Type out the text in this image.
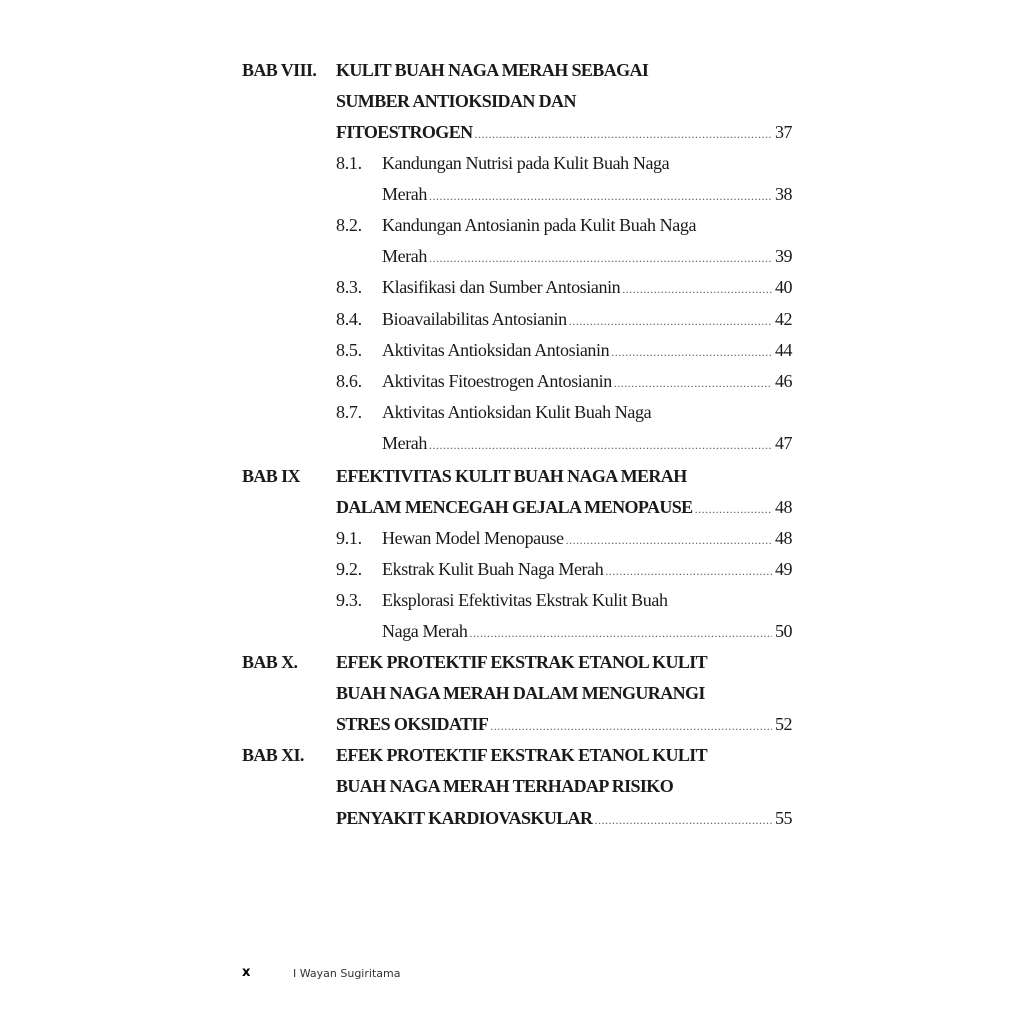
BAB VIII. KULIT BUAH NAGA MERAH SEBAGAI
SUMBER ANTIOKSIDAN DAN
FITOESTROGEN .....	37
8.1. Kandungan Nutrisi pada Kulit Buah Naga
Merah .....	38
8.2. Kandungan Antosianin pada Kulit Buah Naga
Merah .....	39
8.3. Klasifikasi dan Sumber Antosianin .....	40
8.4. Bioavailabilitas Antosianin .....	42
8.5. Aktivitas Antioksidan Antosianin .....	44
8.6. Aktivitas Fitoestrogen Antosianin .....	46
8.7. Aktivitas Antioksidan Kulit Buah Naga
Merah .....	47
BAB IX EFEKTIVITAS KULIT BUAH NAGA MERAH
DALAM MENCEGAH GEJALA MENOPAUSE .....	48
9.1. Hewan Model Menopause .....	48
9.2. Ekstrak Kulit Buah Naga Merah .....	49
9.3. Eksplorasi Efektivitas Ekstrak Kulit Buah
Naga Merah .....	50
BAB X. EFEK PROTEKTIF EKSTRAK ETANOL KULIT
BUAH NAGA MERAH DALAM MENGURANGI
STRES OKSIDATIF .....	52
BAB XI. EFEK PROTEKTIF EKSTRAK ETANOL KULIT
BUAH NAGA MERAH TERHADAP RISIKO
PENYAKIT KARDIOVASKULAR .....	55
x	I Wayan Sugiritama
